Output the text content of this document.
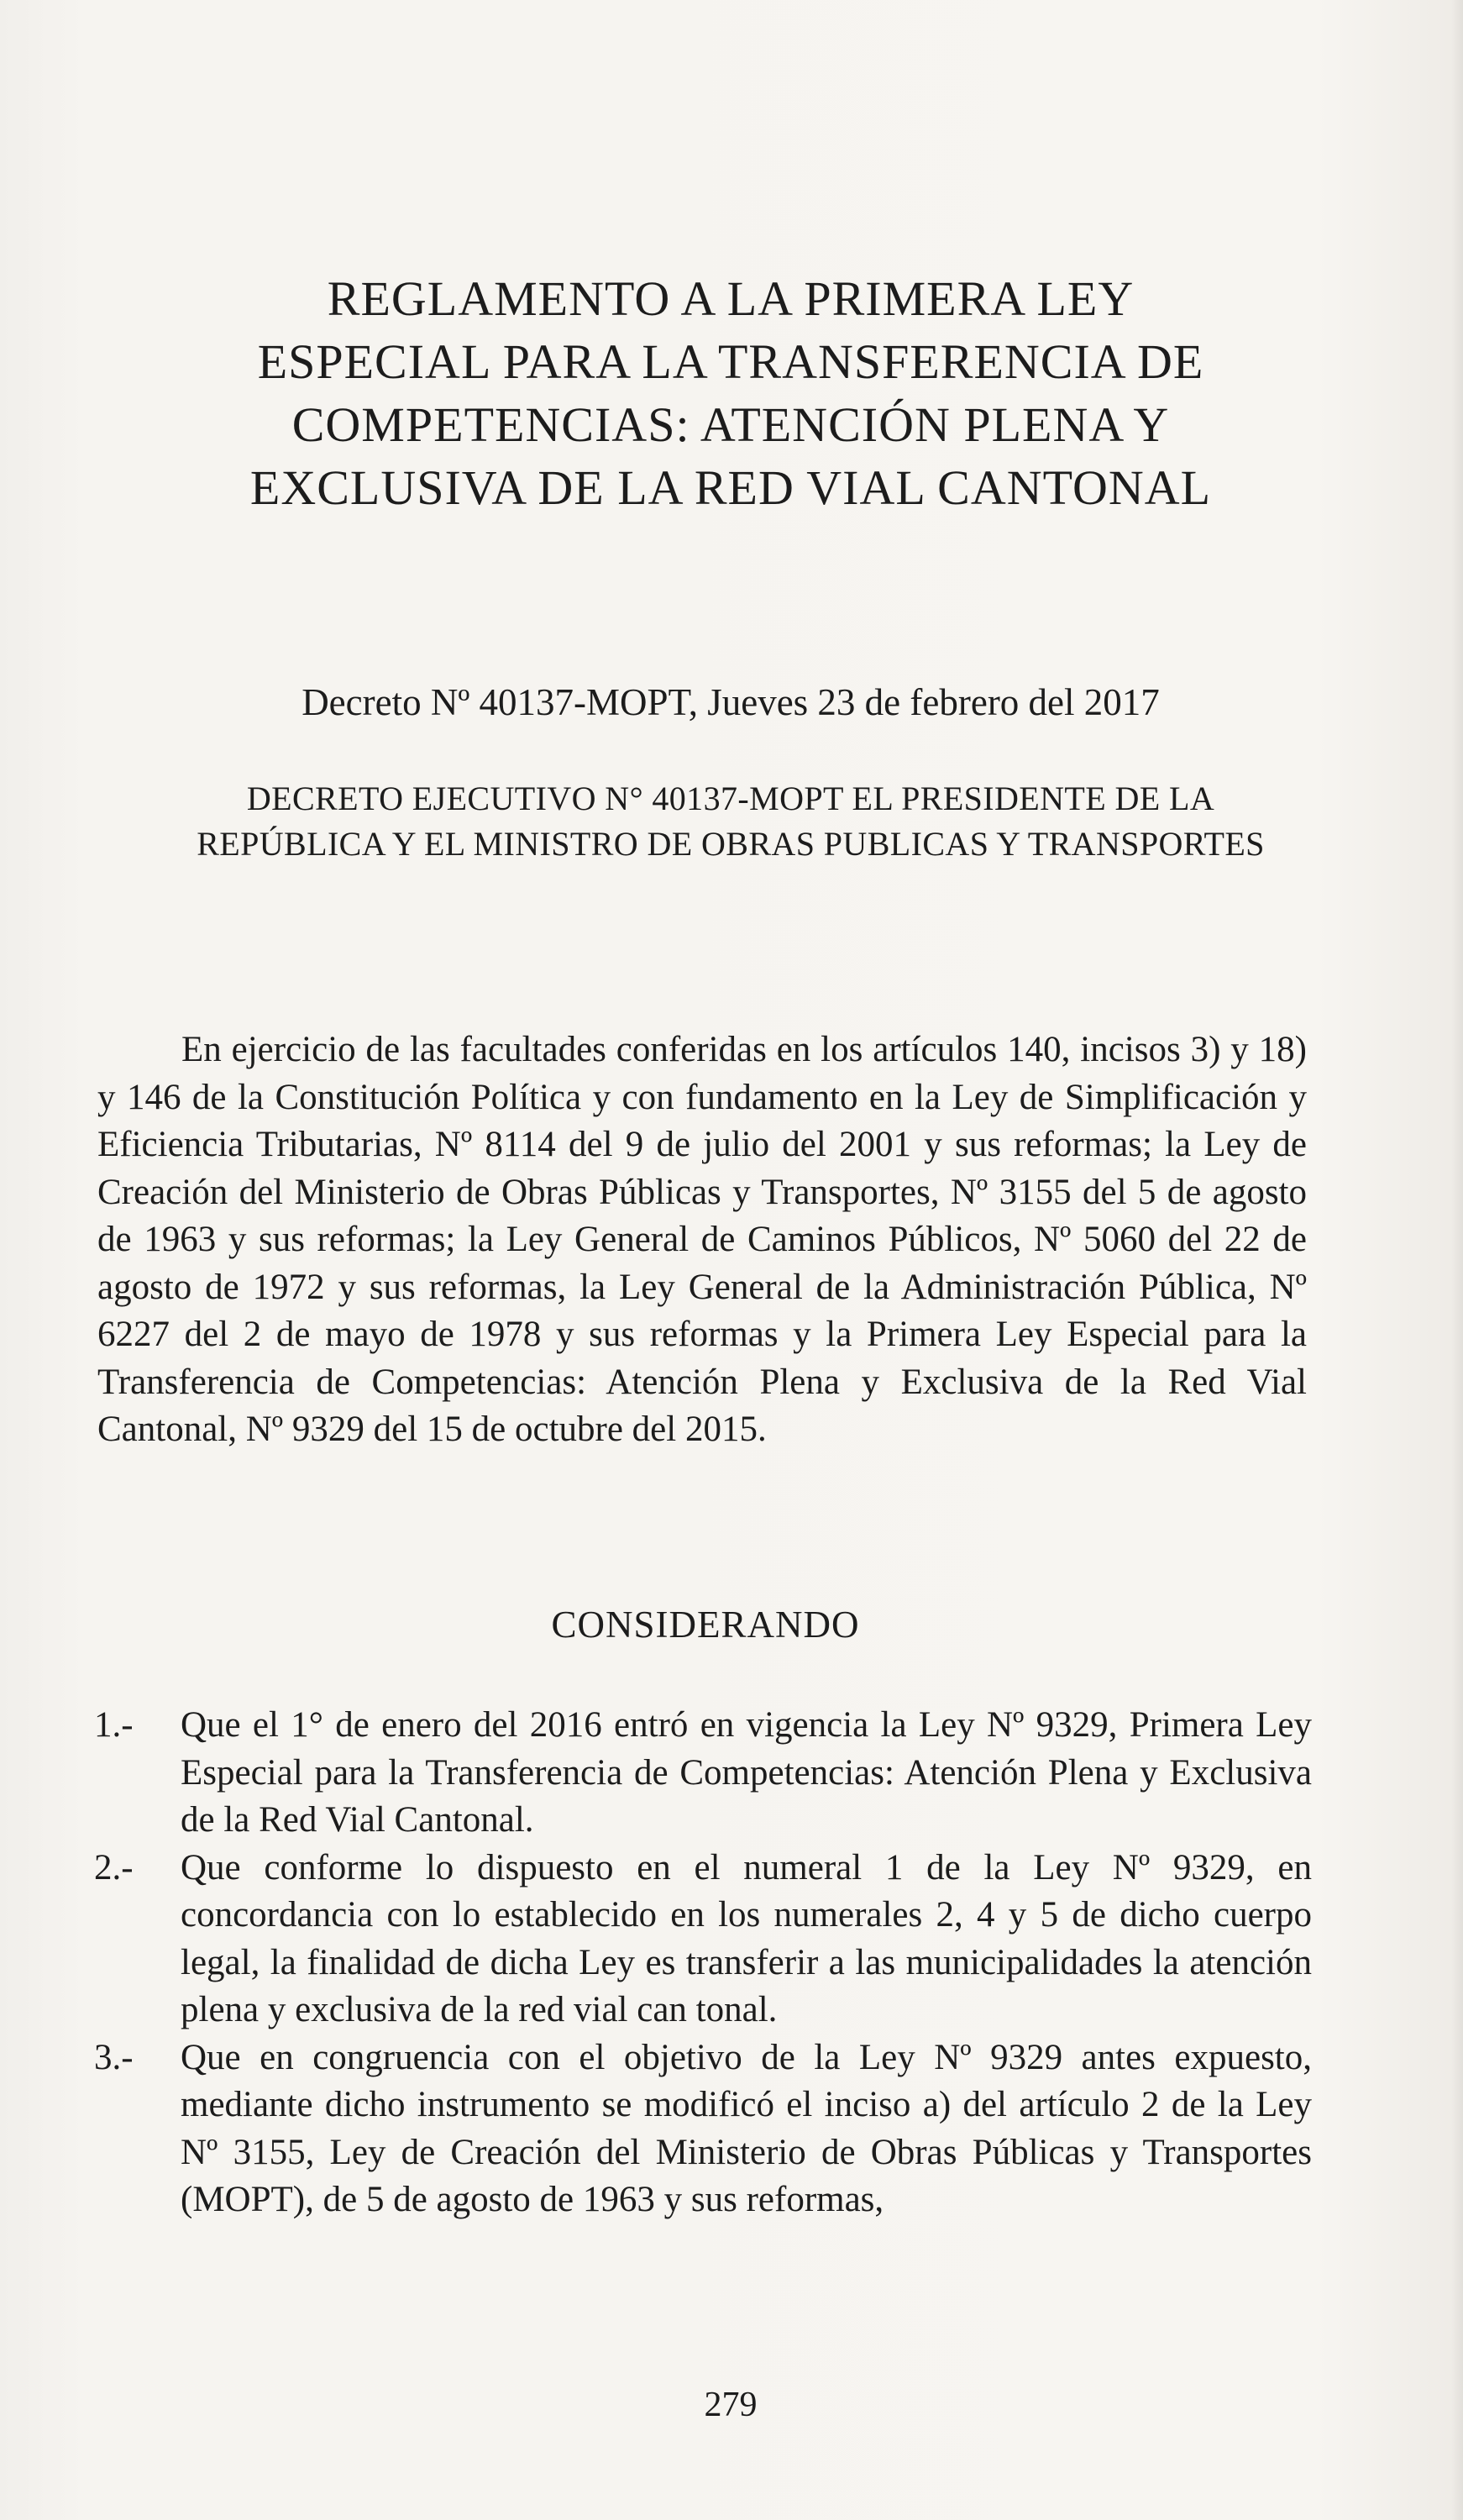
REGLAMENTO A LA PRIMERA LEY
ESPECIAL PARA LA TRANSFERENCIA DE
COMPETENCIAS: ATENCIÓN PLENA Y
EXCLUSIVA DE LA RED VIAL CANTONAL
Decreto Nº 40137-MOPT, Jueves 23 de febrero del 2017
DECRETO EJECUTIVO N° 40137-MOPT EL PRESIDENTE DE LA
REPÚBLICA Y EL MINISTRO DE OBRAS PUBLICAS Y TRANSPORTES

En ejercicio de las facultades conferidas en los artículos 140, incisos 3) y 18) y 146 de la Constitución Política y con fundamento en la Ley de Simplificación y Eficiencia Tributarias, Nº 8114 del 9 de julio del 2001 y sus reformas; la Ley de Creación del Ministerio de Obras Públicas y Transportes, Nº 3155 del 5 de agosto de 1963 y sus reformas; la Ley General de Caminos Públicos, Nº 5060 del 22 de agosto de 1972 y sus reformas, la Ley General de la Administración Pública, Nº 6227 del 2 de mayo de 1978 y sus reformas y la Primera Ley Especial para la Transferencia de Competencias: Atención Plena y Exclusiva de la Red Vial Cantonal, Nº 9329 del 15 de octubre del 2015.

CONSIDERANDO
1.-	Que el 1° de enero del 2016 entró en vigencia la Ley Nº 9329, Primera Ley Especial para la Transferencia de Competencias: Atención Plena y Exclusiva de la Red Vial Cantonal.
2.-	Que conforme lo dispuesto en el numeral 1 de la Ley Nº 9329, en concordancia con lo establecido en los numerales 2, 4 y 5 de dicho cuerpo legal, la finalidad de dicha Ley es transferir a las municipalidades la atención plena y exclusiva de la red vial can tonal.
3.-	Que en congruencia con el objetivo de la Ley Nº 9329 antes expuesto, mediante dicho instrumento se modificó el inciso a) del artículo 2 de la Ley Nº 3155, Ley de Creación del Ministerio de Obras Públicas y Transportes (MOPT), de 5 de agosto de 1963 y sus reformas,
279
